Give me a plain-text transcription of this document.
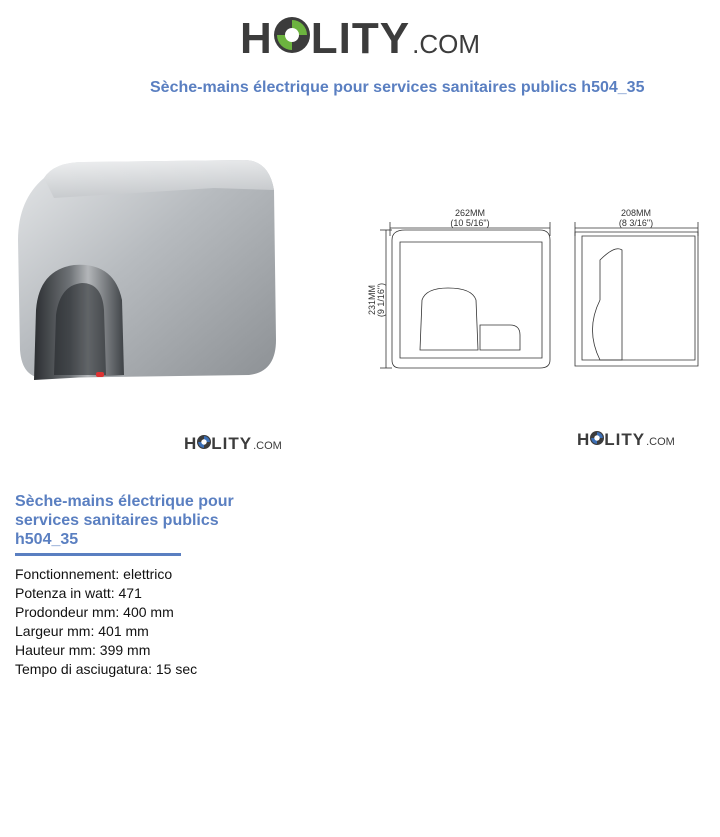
H LITY .COM
Sèche-mains électrique pour services sanitaires publics h504_35
262MM
(10 5/16")
208MM
(8 3/16")
231MM (9 1/16")
H LITY .COM	H LITY .COM
Sèche-mains électrique pour services sanitaires publics h504_35
Fonctionnement: elettrico
Potenza in watt: 471
Prodondeur mm: 400 mm
Largeur mm: 401 mm
Hauteur mm: 399 mm
Tempo di asciugatura: 15 sec
